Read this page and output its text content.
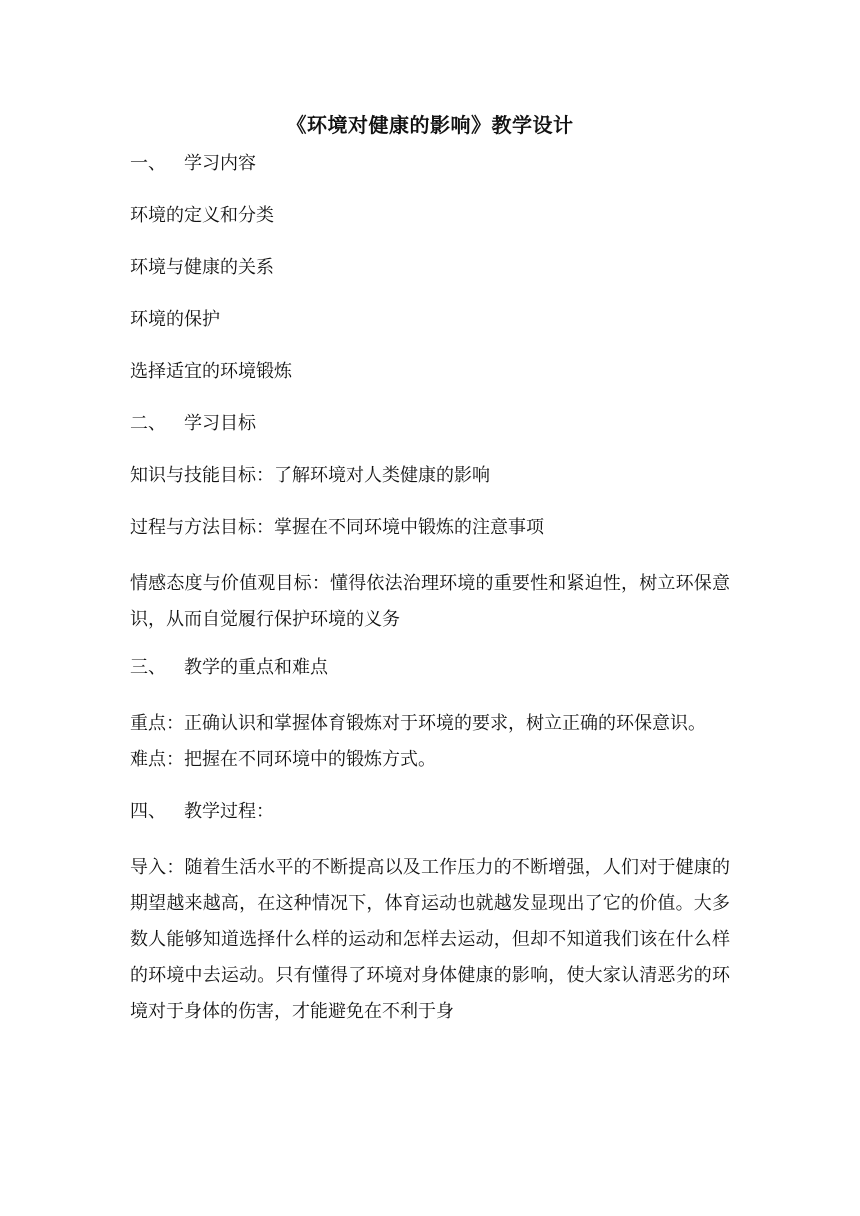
《环境对健康的影响》教学设计
一、	学习内容
环境的定义和分类
环境与健康的关系
环境的保护
选择适宜的环境锻炼
二、	学习目标
知识与技能目标：了解环境对人类健康的影响
过程与方法目标：掌握在不同环境中锻炼的注意事项
情感态度与价值观目标：懂得依法治理环境的重要性和紧迫性，树立环保意识，从而自觉履行保护环境的义务
三、	教学的重点和难点
重点：正确认识和掌握体育锻炼对于环境的要求，树立正确的环保意识。
难点：把握在不同环境中的锻炼方式。
四、	教学过程：
导入：随着生活水平的不断提高以及工作压力的不断增强，人们对于健康的期望越来越高，在这种情况下，体育运动也就越发显现出了它的价值。大多数人能够知道选择什么样的运动和怎样去运动，但却不知道我们该在什么样的环境中去运动。只有懂得了环境对身体健康的影响，使大家认清恶劣的环境对于身体的伤害，才能避免在不利于身
